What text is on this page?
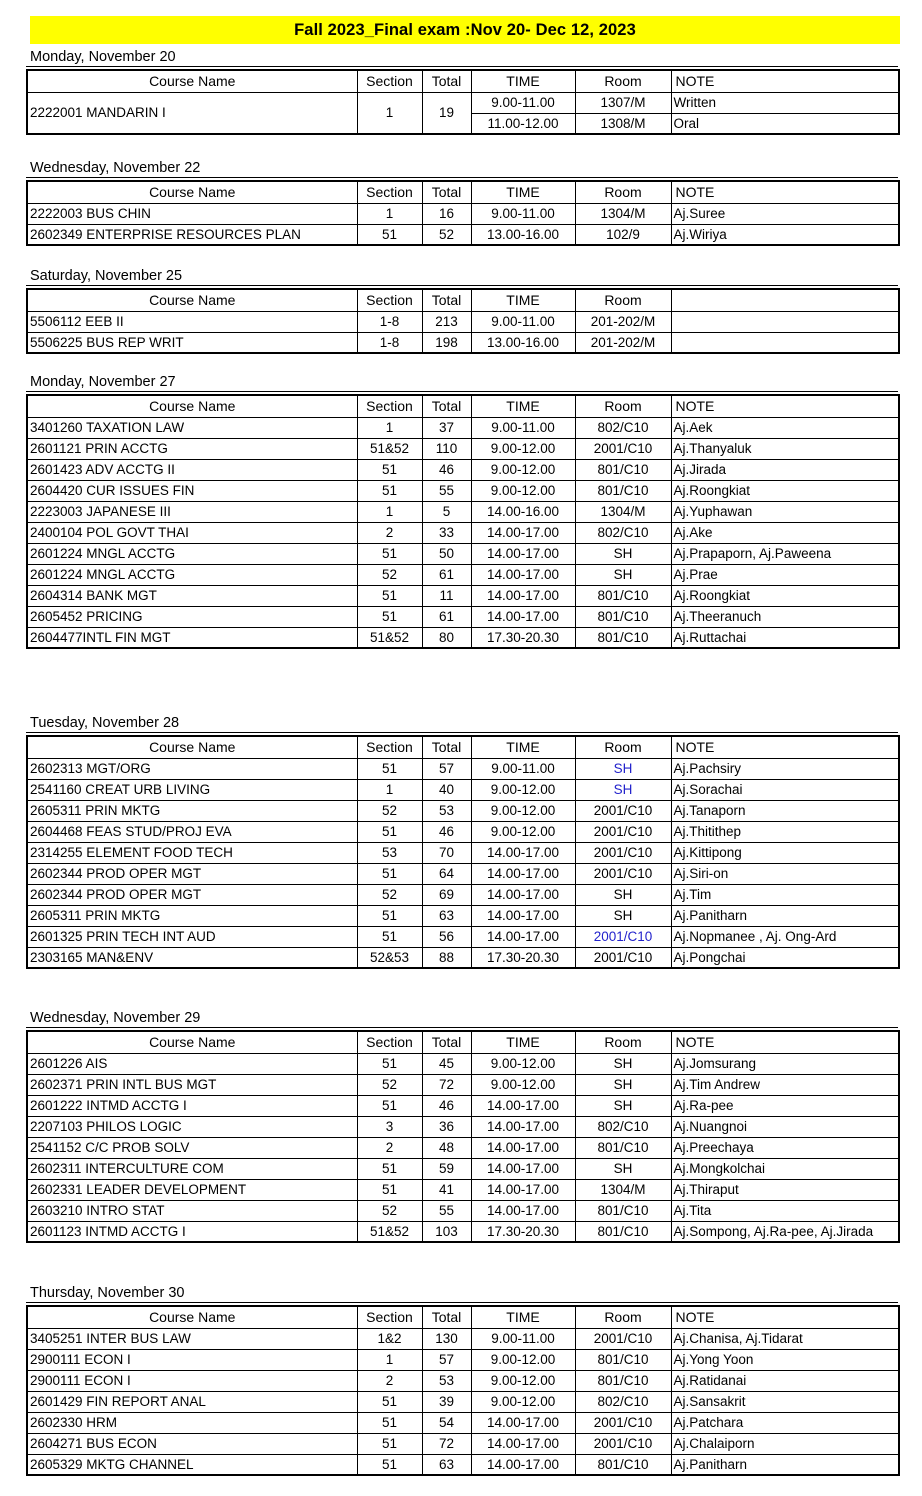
Fall 2023_Final exam :Nov 20- Dec 12, 2023
Monday, November 20
Course Name	Section	Total	TIME	Room	NOTE
2222001 MANDARIN I	1	19	9.00-11.00	1307/M	Written
			11.00-12.00	1308/M	Oral
Wednesday, November 22
Course Name	Section	Total	TIME	Room	NOTE
2222003 BUS CHIN	1	16	9.00-11.00	1304/M	Aj.Suree
2602349 ENTERPRISE RESOURCES PLAN	51	52	13.00-16.00	102/9	Aj.Wiriya
Saturday, November 25
Course Name	Section	Total	TIME	Room	
5506112 EEB II	1-8	213	9.00-11.00	201-202/M	
5506225 BUS REP WRIT	1-8	198	13.00-16.00	201-202/M	
Monday, November 27
Course Name	Section	Total	TIME	Room	NOTE
3401260 TAXATION LAW	1	37	9.00-11.00	802/C10	Aj.Aek
2601121 PRIN ACCTG	51&52	110	9.00-12.00	2001/C10	Aj.Thanyaluk
2601423 ADV ACCTG II	51	46	9.00-12.00	801/C10	Aj.Jirada
2604420 CUR ISSUES FIN	51	55	9.00-12.00	801/C10	Aj.Roongkiat
2223003 JAPANESE III	1	5	14.00-16.00	1304/M	Aj.Yuphawan
2400104 POL GOVT THAI	2	33	14.00-17.00	802/C10	Aj.Ake
2601224 MNGL ACCTG	51	50	14.00-17.00	SH	Aj.Prapaporn, Aj.Paweena
2601224 MNGL ACCTG	52	61	14.00-17.00	SH	Aj.Prae
2604314 BANK MGT	51	11	14.00-17.00	801/C10	Aj.Roongkiat
2605452 PRICING	51	61	14.00-17.00	801/C10	Aj.Theeranuch
2604477INTL FIN MGT	51&52	80	17.30-20.30	801/C10	Aj.Ruttachai
Tuesday, November 28
Course Name	Section	Total	TIME	Room	NOTE
2602313 MGT/ORG	51	57	9.00-11.00	SH	Aj.Pachsiry
2541160 CREAT URB LIVING	1	40	9.00-12.00	SH	Aj.Sorachai
2605311 PRIN MKTG	52	53	9.00-12.00	2001/C10	Aj.Tanaporn
2604468 FEAS STUD/PROJ EVA	51	46	9.00-12.00	2001/C10	Aj.Thitithep
2314255 ELEMENT FOOD TECH	53	70	14.00-17.00	2001/C10	Aj.Kittipong
2602344 PROD OPER MGT	51	64	14.00-17.00	2001/C10	Aj.Siri-on
2602344 PROD OPER MGT	52	69	14.00-17.00	SH	Aj.Tim
2605311 PRIN MKTG	51	63	14.00-17.00	SH	Aj.Panitharn
2601325 PRIN TECH INT AUD	51	56	14.00-17.00	2001/C10	Aj.Nopmanee , Aj. Ong-Ard
2303165 MAN&ENV	52&53	88	17.30-20.30	2001/C10	Aj.Pongchai
Wednesday, November 29
Course Name	Section	Total	TIME	Room	NOTE
2601226 AIS	51	45	9.00-12.00	SH	Aj.Jomsurang
2602371 PRIN INTL BUS MGT	52	72	9.00-12.00	SH	Aj.Tim Andrew
2601222 INTMD ACCTG I	51	46	14.00-17.00	SH	Aj.Ra-pee
2207103 PHILOS LOGIC	3	36	14.00-17.00	802/C10	Aj.Nuangnoi
2541152 C/C PROB SOLV	2	48	14.00-17.00	801/C10	Aj.Preechaya
2602311 INTERCULTURE COM	51	59	14.00-17.00	SH	Aj.Mongkolchai
2602331 LEADER DEVELOPMENT	51	41	14.00-17.00	1304/M	Aj.Thiraput
2603210 INTRO STAT	52	55	14.00-17.00	801/C10	Aj.Tita
2601123 INTMD ACCTG I	51&52	103	17.30-20.30	801/C10	Aj.Sompong, Aj.Ra-pee, Aj.Jirada
Thursday, November 30
Course Name	Section	Total	TIME	Room	NOTE
3405251 INTER BUS LAW	1&2	130	9.00-11.00	2001/C10	Aj.Chanisa, Aj.Tidarat
2900111 ECON I	1	57	9.00-12.00	801/C10	Aj.Yong Yoon
2900111 ECON I	2	53	9.00-12.00	801/C10	Aj.Ratidanai
2601429 FIN REPORT ANAL	51	39	9.00-12.00	802/C10	Aj.Sansakrit
2602330 HRM	51	54	14.00-17.00	2001/C10	Aj.Patchara
2604271 BUS ECON	51	72	14.00-17.00	2001/C10	Aj.Chalaiporn
2605329 MKTG CHANNEL	51	63	14.00-17.00	801/C10	Aj.Panitharn
